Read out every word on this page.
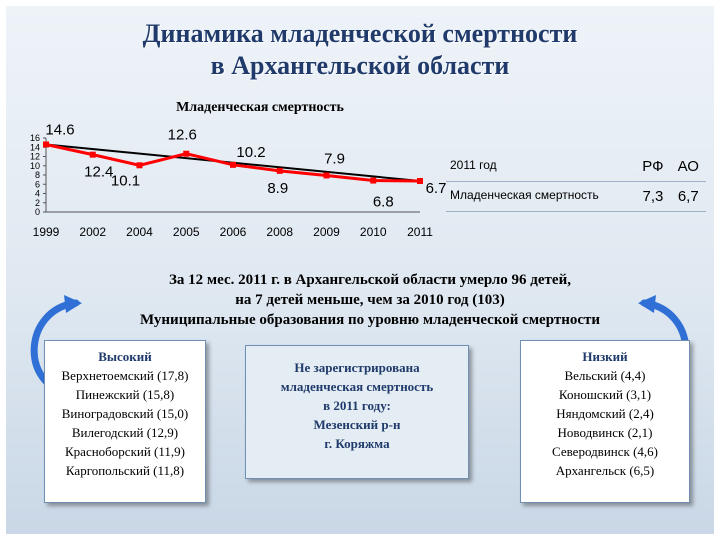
Динамика младенческой смертности
в Архангельской области
Младенческая смертность
0
2
4
6
8
10
12
14
16
1999 2002 2004 2005 2006 2008 2009 2010 2011
14.6
12.4
10.1
12.6
10.2
8.9
7.9
6.8
6.7
2011 год	РФ	АО
Младенческая смертность	7,3	6,7
За 12 мес. 2011 г. в Архангельской области умерло 96 детей,
на 7 детей меньше, чем за 2010 год (103)
Муниципальные образования по уровню младенческой смертности
Высокий
Верхнетоемский (17,8)
Пинежский (15,8)
Виноградовский (15,0)
Вилегодский (12,9)
Красноборский (11,9)
Каргопольский (11,8)
Не зарегистрирована
младенческая смертность
в 2011 году:
Мезенский р-н
г. Коряжма
Низкий
Вельский (4,4)
Коношский (3,1)
Няндомский (2,4)
Новодвинск (2,1)
Северодвинск (4,6)
Архангельск (6,5)
